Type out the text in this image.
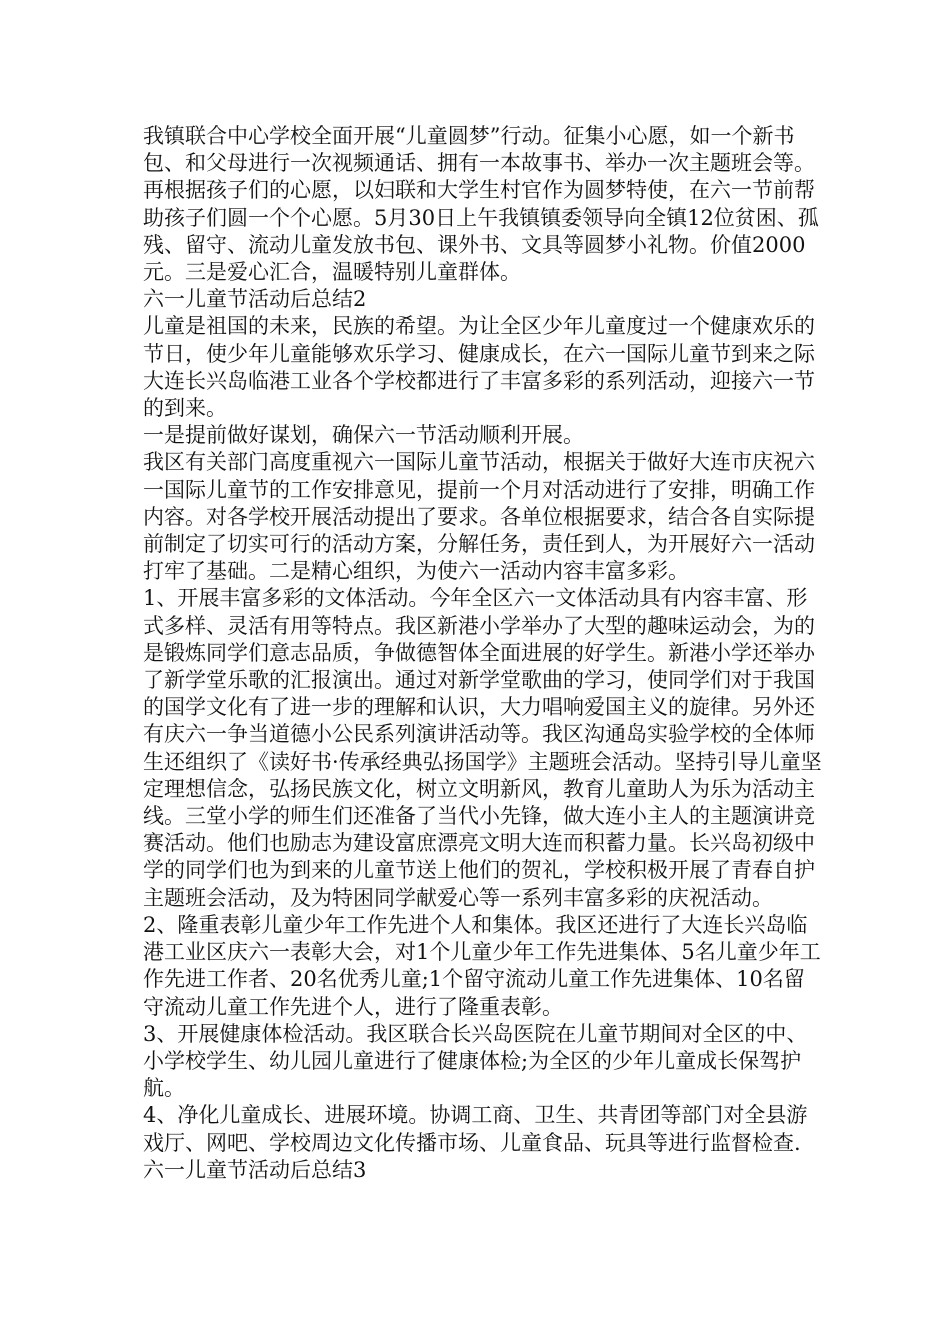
我镇联合中心学校全面开展“儿童圆梦”行动。征集小心愿，如一个新书包、和父母进行一次视频通话、拥有一本故事书、举办一次主题班会等。再根据孩子们的心愿，以妇联和大学生村官作为圆梦特使，在六一节前帮助孩子们圆一个个心愿。5月30日上午我镇镇委领导向全镇12位贫困、孤残、留守、流动儿童发放书包、课外书、文具等圆梦小礼物。价值2000元。三是爱心汇合，温暖特别儿童群体。

六一儿童节活动后总结2

儿童是祖国的未来，民族的希望。为让全区少年儿童度过一个健康欢乐的节日，使少年儿童能够欢乐学习、健康成长，在六一国际儿童节到来之际大连长兴岛临港工业各个学校都进行了丰富多彩的系列活动，迎接六一节的到来。

一是提前做好谋划，确保六一节活动顺利开展。

我区有关部门高度重视六一国际儿童节活动，根据关于做好大连市庆祝六一国际儿童节的工作安排意见，提前一个月对活动进行了安排，明确工作内容。对各学校开展活动提出了要求。各单位根据要求，结合各自实际提前制定了切实可行的活动方案，分解任务，责任到人，为开展好六一活动打牢了基础。二是精心组织，为使六一活动内容丰富多彩。

1、开展丰富多彩的文体活动。今年全区六一文体活动具有内容丰富、形式多样、灵活有用等特点。我区新港小学举办了大型的趣味运动会，为的是锻炼同学们意志品质，争做德智体全面进展的好学生。新港小学还举办了新学堂乐歌的汇报演出。通过对新学堂歌曲的学习，使同学们对于我国的国学文化有了进一步的理解和认识，大力唱响爱国主义的旋律。另外还有庆六一争当道德小公民系列演讲活动等。我区沟通岛实验学校的全体师生还组织了《读好书·传承经典弘扬国学》主题班会活动。坚持引导儿童坚定理想信念，弘扬民族文化，树立文明新风，教育儿童助人为乐为活动主线。三堂小学的师生们还准备了当代小先锋，做大连小主人的主题演讲竞赛活动。他们也励志为建设富庶漂亮文明大连而积蓄力量。长兴岛初级中学的同学们也为到来的儿童节送上他们的贺礼，学校积极开展了青春自护主题班会活动，及为特困同学献爱心等一系列丰富多彩的庆祝活动。

2、隆重表彰儿童少年工作先进个人和集体。我区还进行了大连长兴岛临港工业区庆六一表彰大会，对1个儿童少年工作先进集体、5名儿童少年工作先进工作者、20名优秀儿童;1个留守流动儿童工作先进集体、10名留守流动儿童工作先进个人，进行了隆重表彰。

3、开展健康体检活动。我区联合长兴岛医院在儿童节期间对全区的中、小学校学生、幼儿园儿童进行了健康体检;为全区的少年儿童成长保驾护航。

4、净化儿童成长、进展环境。协调工商、卫生、共青团等部门对全县游戏厅、网吧、学校周边文化传播市场、儿童食品、玩具等进行监督检查.

六一儿童节活动后总结3
